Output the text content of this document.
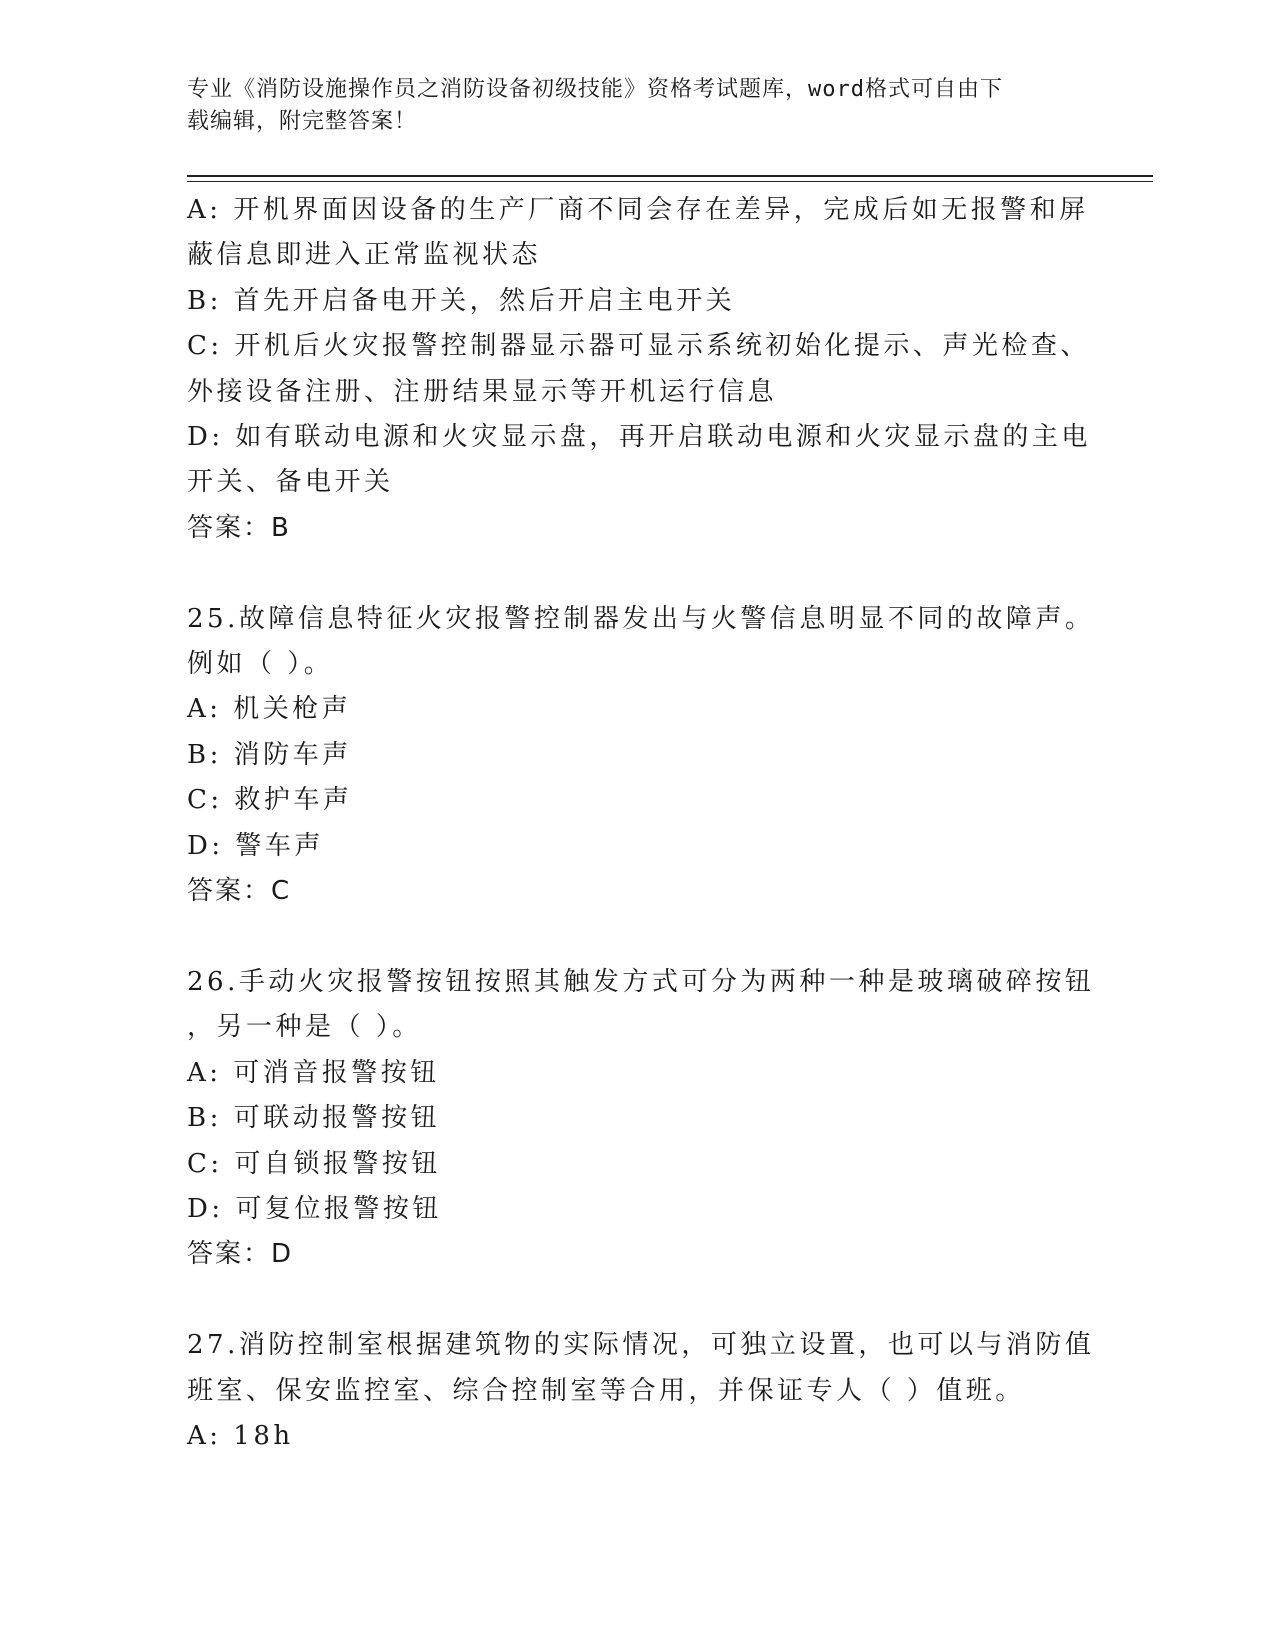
专业《消防设施操作员之消防设备初级技能》资格考试题库，word格式可自由下
载编辑，附完整答案！
A: 开机界面因设备的生产厂商不同会存在差异，完成后如无报警和屏
蔽信息即进入正常监视状态
B: 首先开启备电开关，然后开启主电开关
C: 开机后火灾报警控制器显示器可显示系统初始化提示、声光检查、
外接设备注册、注册结果显示等开机运行信息
D: 如有联动电源和火灾显示盘，再开启联动电源和火灾显示盘的主电
开关、备电开关
答案：B
25.故障信息特征火灾报警控制器发出与火警信息明显不同的故障声。
例如（ ）。
A: 机关枪声
B: 消防车声
C: 救护车声
D: 警车声
答案：C
26.手动火灾报警按钮按照其触发方式可分为两种一种是玻璃破碎按钮
，另一种是（ ）。
A: 可消音报警按钮
B: 可联动报警按钮
C: 可自锁报警按钮
D: 可复位报警按钮
答案：D
27.消防控制室根据建筑物的实际情况，可独立设置，也可以与消防值
班室、保安监控室、综合控制室等合用，并保证专人（ ）值班。
A: 18h
